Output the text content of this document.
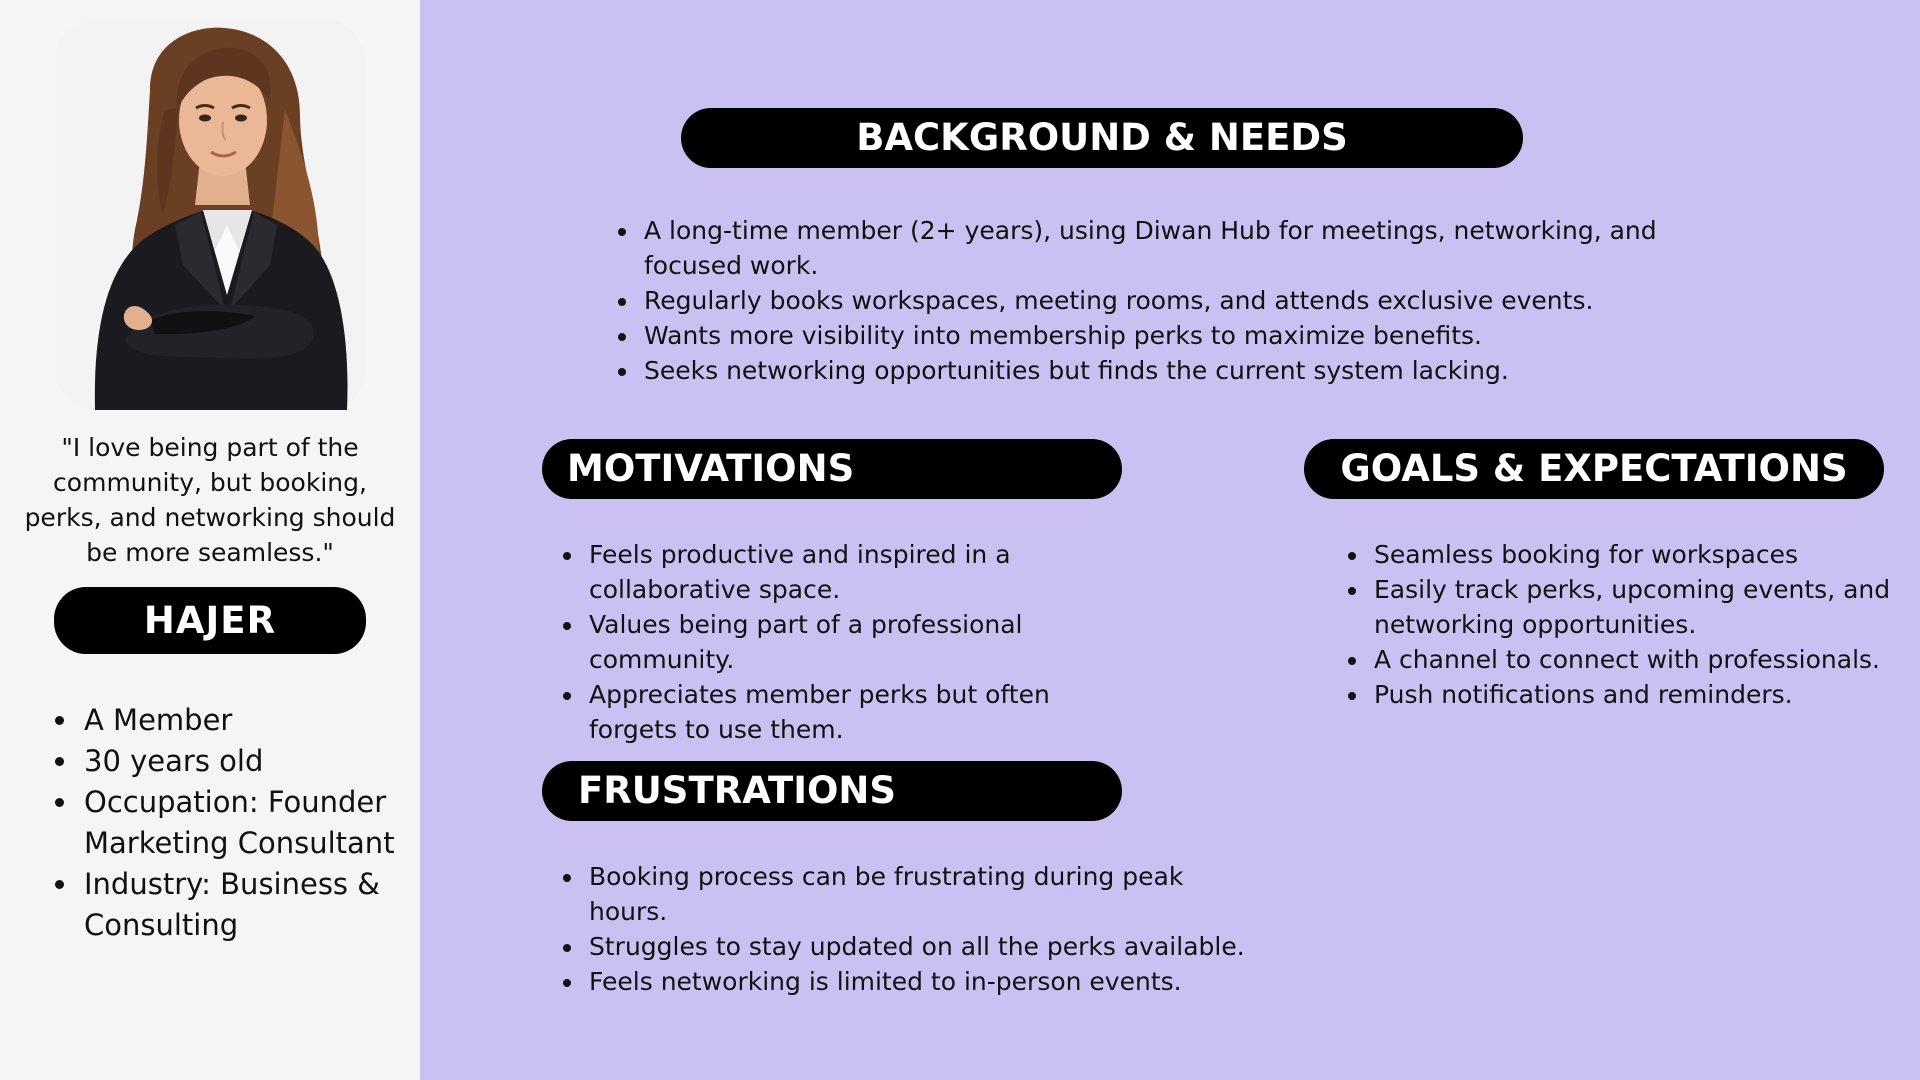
"I love being part of the community, but booking, perks, and networking should be more seamless."
HAJER
• A Member
• 30 years old
• Occupation: Founder Marketing Consultant
• Industry: Business & Consulting
BACKGROUND & NEEDS
• A long-time member (2+ years), using Diwan Hub for meetings, networking, and focused work.
• Regularly books workspaces, meeting rooms, and attends exclusive events.
• Wants more visibility into membership perks to maximize benefits.
• Seeks networking opportunities but finds the current system lacking.
MOTIVATIONS
• Feels productive and inspired in a collaborative space.
• Values being part of a professional community.
• Appreciates member perks but often forgets to use them.
GOALS & EXPECTATIONS
• Seamless booking for workspaces
• Easily track perks, upcoming events, and networking opportunities.
• A channel to connect with professionals.
• Push notifications and reminders.
FRUSTRATIONS
• Booking process can be frustrating during peak hours.
• Struggles to stay updated on all the perks available.
• Feels networking is limited to in-person events.
